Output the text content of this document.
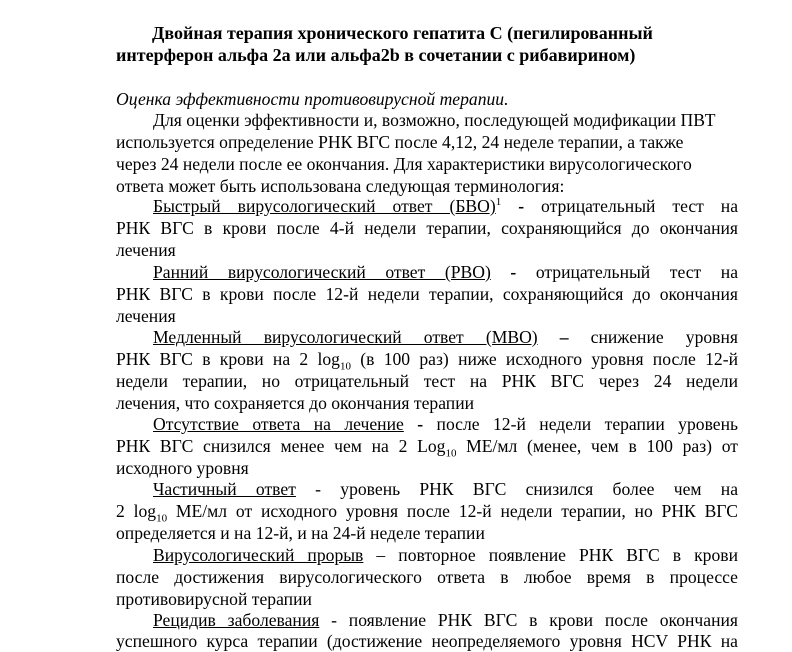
Двойная терапия хронического гепатита С (пегилированный
интерферон альфа 2а или альфа2b в сочетании с рибавирином)
Оценка эффективности противовирусной терапии.
Для оценки эффективности и, возможно, последующей модификации ПВТ
используется определение РНК ВГС после 4,12, 24 неделе терапии, а также
через 24 недели после ее окончания. Для характеристики вирусологического
ответа может быть использована следующая терминология:
Быстрый вирусологический ответ (БВО)$^1$ - отрицательный тест на
РНК ВГС в крови после 4-й недели терапии, сохраняющийся до окончания
лечения
Ранний вирусологический ответ (РВО) - отрицательный тест на
РНК ВГС в крови после 12-й недели терапии, сохраняющийся до окончания
лечения
Медленный вирусологический ответ (МВО) – снижение уровня
РНК ВГС в крови на 2 $\log_{10} (в$ 100 раз) ниже исходного уровня после 12-й
недели терапии, но отрицательный тест на РНК ВГС через 24 недели
лечения, что сохраняется до окончания терапии
Отсутствие ответа на лечение - после 12-й недели терапии уровень
РНК ВГС снизился менее чем на 2 Log$_{10}$ МЕ/мл (менее, чем в 100 раз) от
исходного уровня
Частичный ответ - уровень РНК ВГС снизился более чем на
2 $\log_{10} МЕ/мл$ от исходного уровня после 12-й недели терапии, но РНК ВГС
определяется и на 12-й, и на 24-й неделе терапии
Вирусологический прорыв – повторное появление РНК ВГС в крови
после достижения вирусологического ответа в любое время в процессе
противовирусной терапии
Рецидив заболевания - появление РНК ВГС в крови после окончания
успешного курса терапии (достижение неопределяемого уровня HCV РНК на
